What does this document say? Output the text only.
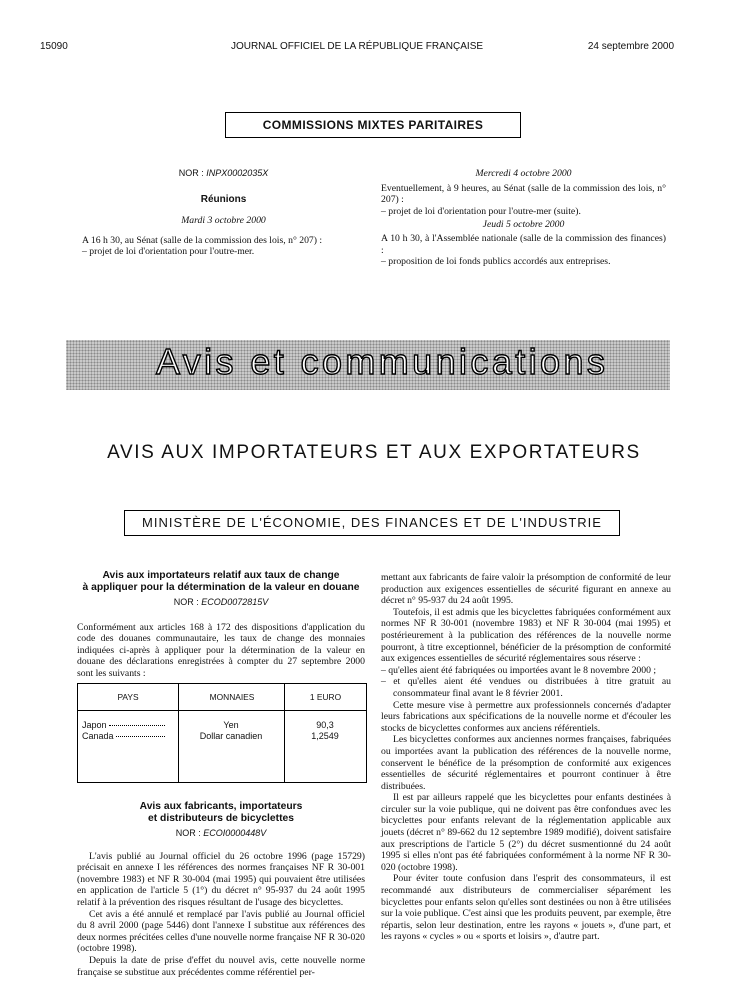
15090	JOURNAL OFFICIEL DE LA RÉPUBLIQUE FRANÇAISE	24 septembre 2000
COMMISSIONS MIXTES PARITAIRES

NOR : INPX0002035X

Réunions

Mardi 3 octobre 2000

A 16 h 30, au Sénat (salle de la commission des lois, n° 207) :

– projet de loi d'orientation pour l'outre-mer.

Mercredi 4 octobre 2000

Eventuellement, à 9 heures, au Sénat (salle de la commission des lois, n° 207) :

– projet de loi d'orientation pour l'outre-mer (suite).

Jeudi 5 octobre 2000

A 10 h 30, à l'Assemblée nationale (salle de la commission des finances) :

– proposition de loi fonds publics accordés aux entreprises.

Avis et communications
AVIS AUX IMPORTATEURS ET AUX EXPORTATEURS
MINISTÈRE DE L'ÉCONOMIE, DES FINANCES ET DE L'INDUSTRIE

Avis aux importateurs relatif aux taux de change

à appliquer pour la détermination de la valeur en douane

NOR : ECOD0072815V

Conformément aux articles 168 à 172 des dispositions d'application du code des douanes communautaire, les taux de change des monnaies indiquées ci-après à appliquer pour la détermination de la valeur en douane des déclarations enregistrées à compter du 27 septembre 2000 sont les suivants :

PAYS	MONNAIES	1 EURO
Japon	Yen	90,3
Canada	Dollar canadien	1,2549

Avis aux fabricants, importateurs

et distributeurs de bicyclettes

NOR : ECOI0000448V

L'avis publié au Journal officiel du 26 octobre 1996 (page 15729) précisait en annexe I les références des normes françaises NF R 30-001 (novembre 1983) et NF R 30-004 (mai 1995) qui pouvaient être utilisées en application de l'article 5 (1°) du décret n° 95-937 du 24 août 1995 relatif à la prévention des risques résultant de l'usage des bicyclettes.

Cet avis a été annulé et remplacé par l'avis publié au Journal officiel du 8 avril 2000 (page 5446) dont l'annexe I substitue aux références des deux normes précitées celles d'une nouvelle norme française NF R 30-020 (octobre 1998).

Depuis la date de prise d'effet du nouvel avis, cette nouvelle norme française se substitue aux précédentes comme référentiel per-

mettant aux fabricants de faire valoir la présomption de conformité de leur production aux exigences essentielles de sécurité figurant en annexe au décret n° 95-937 du 24 août 1995.

Toutefois, il est admis que les bicyclettes fabriquées conformément aux normes NF R 30-001 (novembre 1983) et NF R 30-004 (mai 1995) et postérieurement à la publication des références de la nouvelle norme pourront, à titre exceptionnel, bénéficier de la présomption de conformité aux exigences essentielles de sécurité réglementaires sous réserve :

– qu'elles aient été fabriquées ou importées avant le 8 novembre 2000 ;
– et qu'elles aient été vendues ou distribuées à titre gratuit au consommateur final avant le 8 février 2001.

Cette mesure vise à permettre aux professionnels concernés d'adapter leurs fabrications aux spécifications de la nouvelle norme et d'écouler les stocks de bicyclettes conformes aux anciens référentiels.

Les bicyclettes conformes aux anciennes normes françaises, fabriquées ou importées avant la publication des références de la nouvelle norme, conservent le bénéfice de la présomption de conformité aux exigences essentielles de sécurité réglementaires et pourront continuer à être distribuées.

Il est par ailleurs rappelé que les bicyclettes pour enfants destinées à circuler sur la voie publique, qui ne doivent pas être confondues avec les bicyclettes pour enfants relevant de la réglementation applicable aux jouets (décret n° 89-662 du 12 septembre 1989 modifié), doivent satisfaire aux prescriptions de l'article 5 (2°) du décret susmentionné du 24 août 1995 si elles n'ont pas été fabriquées conformément à la norme NF R 30-020 (octobre 1998).

Pour éviter toute confusion dans l'esprit des consommateurs, il est recommandé aux distributeurs de commercialiser séparément les bicyclettes pour enfants selon qu'elles sont destinées ou non à être utilisées sur la voie publique. C'est ainsi que les produits peuvent, par exemple, être répartis, selon leur destination, entre les rayons « jouets », d'une part, et les rayons « cycles » ou « sports et loisirs », d'autre part.
